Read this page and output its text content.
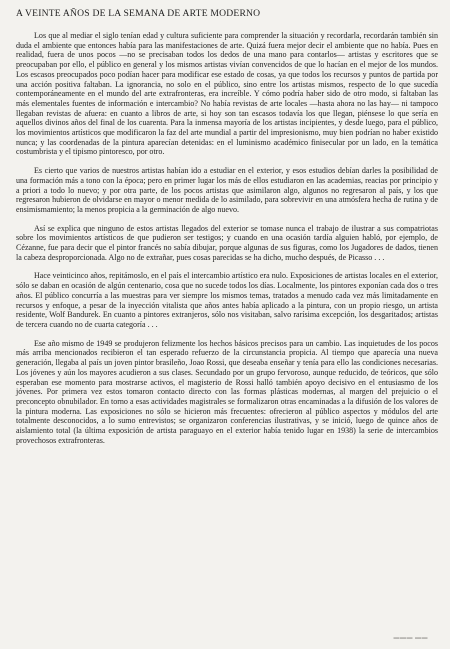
A VEINTE AÑOS DE LA SEMANA DE ARTE MODERNO

Los que al mediar el siglo tenían edad y cultura suficiente para comprender la situación y recordarla, recordarán también sin duda el ambiente que entonces había para las manifestaciones de arte. Quizá fuera mejor decir el ambiente que no había. Pues en realidad, fuera de unos pocos —no se precisaban todos los dedos de una mano para contarlos— artistas y escritores que se preocupaban por ello, el público en general y los mismos artistas vivían convencidos de que lo hacían en el mejor de los mundos. Los escasos preocupados poco podían hacer para modificar ese estado de cosas, ya que todos los recursos y puntos de partida por una acción positiva faltaban. La ignorancia, no solo en el público, sino entre los artistas mismos, respecto de lo que sucedía contemporáneamente en el mundo del arte extrafronteras, era increíble. Y cómo podría haber sido de otro modo, si faltaban las más elementales fuentes de información e intercambio? No había revistas de arte locales —hasta ahora no las hay— ni tampoco llegaban revistas de afuera: en cuanto a libros de arte, si hoy son tan escasos todavía los que llegan, piénsese lo que sería en aquellos divinos años del final de los cuarenta. Para la inmensa mayoría de los artistas incipientes, y desde luego, para el público, los movimientos artísticos que modificaron la faz del arte mundial a partir del impresionismo, muy bien podrían no haber existido nunca; y las coordenadas de la pintura aparecían detenidas: en el luminismo académico finisecular por un lado, en la temática costumbrista y el tipismo pintoresco, por otro.

Es cierto que varios de nuestros artistas habían ido a estudiar en el exterior, y esos estudios debían darles la posibilidad de una formación más a tono con la época; pero en primer lugar los más de ellos estudiaron en las academias, reacias por principio y a priori a todo lo nuevo; y por otra parte, de los pocos artistas que asimilaron algo, algunos no regresaron al país, y los que regresaron hubieron de olvidarse en mayor o menor medida de lo asimilado, para sobrevivir en una atmósfera hecha de rutina y de ensimismamiento; la menos propicia a la germinación de algo nuevo.

Así se explica que ninguno de estos artistas llegados del exterior se tomase nunca el trabajo de ilustrar a sus compatriotas sobre los movimientos artísticos de que pudieron ser testigos; y cuando en una ocasión tardía alguien habló, por ejemplo, de Cézanne, fue para decir que el pintor francés no sabía dibujar, porque algunas de sus figuras, como los Jugadores de dados, tienen la cabeza desproporcionada. Algo no de extrañar, pues cosas parecidas se ha dicho, mucho después, de Picasso . . .

Hace veinticinco años, repitámoslo, en el país el intercambio artístico era nulo. Exposiciones de artistas locales en el exterior, sólo se daban en ocasión de algún centenario, cosa que no sucede todos los días. Localmente, los pintores exponían cada dos o tres años. El público concurría a las muestras para ver siempre los mismos temas, tratados a menudo cada vez más limitadamente en recursos y enfoque, a pesar de la inyección vitalista que años antes había aplicado a la pintura, con un propio riesgo, un artista residente, Wolf Bandurek. En cuanto a pintores extranjeros, sólo nos visitaban, salvo rarísima excepción, los desgaritados; artistas de tercera cuando no de cuarta categoría . . .

Ese año mismo de 1949 se produjeron felizmente los hechos básicos precisos para un cambio. Las inquietudes de los pocos más arriba mencionados recibieron el tan esperado refuerzo de la circunstancia propicia. Al tiempo que aparecía una nueva generación, llegaba al país un joven pintor brasileño, Joao Rossi, que deseaba enseñar y tenía para ello las condiciones necesarias. Los jóvenes y aún los mayores acudieron a sus clases. Secundado por un grupo fervoroso, aunque reducido, de teóricos, que sólo esperaban ese momento para mostrarse activos, el magisterio de Rossi halló también apoyo decisivo en el entusiasmo de los jóvenes. Por primera vez estos tomaron contacto directo con las formas plásticas modernas, al margen del prejuicio o el preconcepto obnubilador. En torno a esas actividades magistrales se formalizaron otras encaminadas a la difusión de los valores de la pintura moderna. Las exposiciones no sólo se hicieron más frecuentes: ofrecieron al público aspectos y módulos del arte totalmente desconocidos, a lo sumo entrevistos; se organizaron conferencias ilustrativas, y se inició, luego de quince años de aislamiento total (la última exposición de artista paraguayo en el exterior había tenido lugar en 1938) la serie de intercambios provechosos extrafronteras.

▬▬▬ ▬▬
